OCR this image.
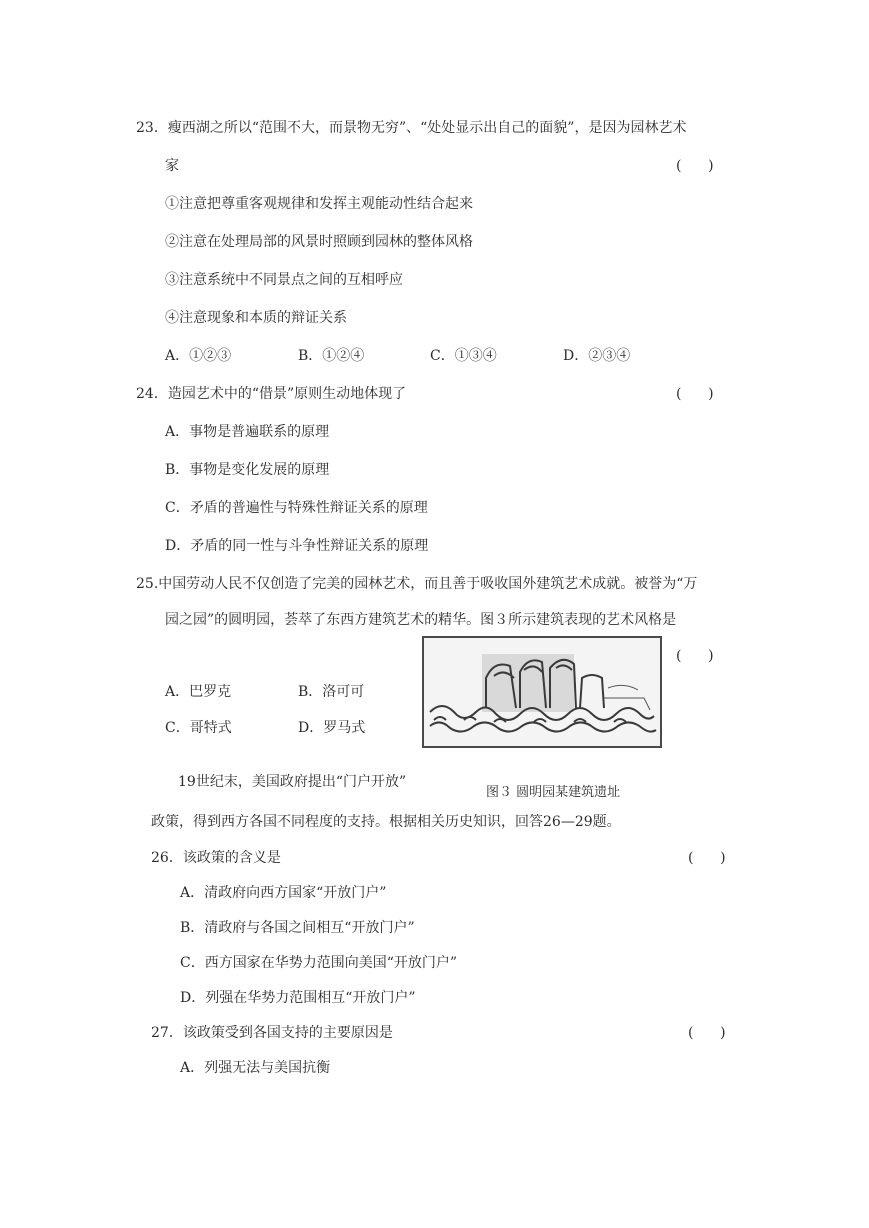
23．瘦西湖之所以“范围不大，而景物无穷”、“处处显示出自己的面貌”，是因为园林艺术
家	(      )
①注意把尊重客观规律和发挥主观能动性结合起来
②注意在处理局部的风景时照顾到园林的整体风格
③注意系统中不同景点之间的互相呼应
④注意现象和本质的辩证关系
A．①②③	B．①②④	C．①③④	D．②③④
24．造园艺术中的“借景”原则生动地体现了	(      )
A．事物是普遍联系的原理
B．事物是变化发展的原理
C．矛盾的普遍性与特殊性辩证关系的原理
D．矛盾的同一性与斗争性辩证关系的原理
25.中国劳动人民不仅创造了完美的园林艺术，而且善于吸收国外建筑艺术成就。被誉为“万
园之园”的圆明园，荟萃了东西方建筑艺术的精华。图３所示建筑表现的艺术风格是
(      )
A．巴罗克	B．洛可可
C．哥特式	D．罗马式
图３ 圆明园某建筑遗址
19世纪末，美国政府提出“门户开放”
政策，得到西方各国不同程度的支持。根据相关历史知识，回答26—29题。
26．该政策的含义是	(      )
A．清政府向西方国家“开放门户”
B．清政府与各国之间相互“开放门户”
C．西方国家在华势力范围向美国“开放门户”
D．列强在华势力范围相互“开放门户”
27．该政策受到各国支持的主要原因是	(      )
A．列强无法与美国抗衡
